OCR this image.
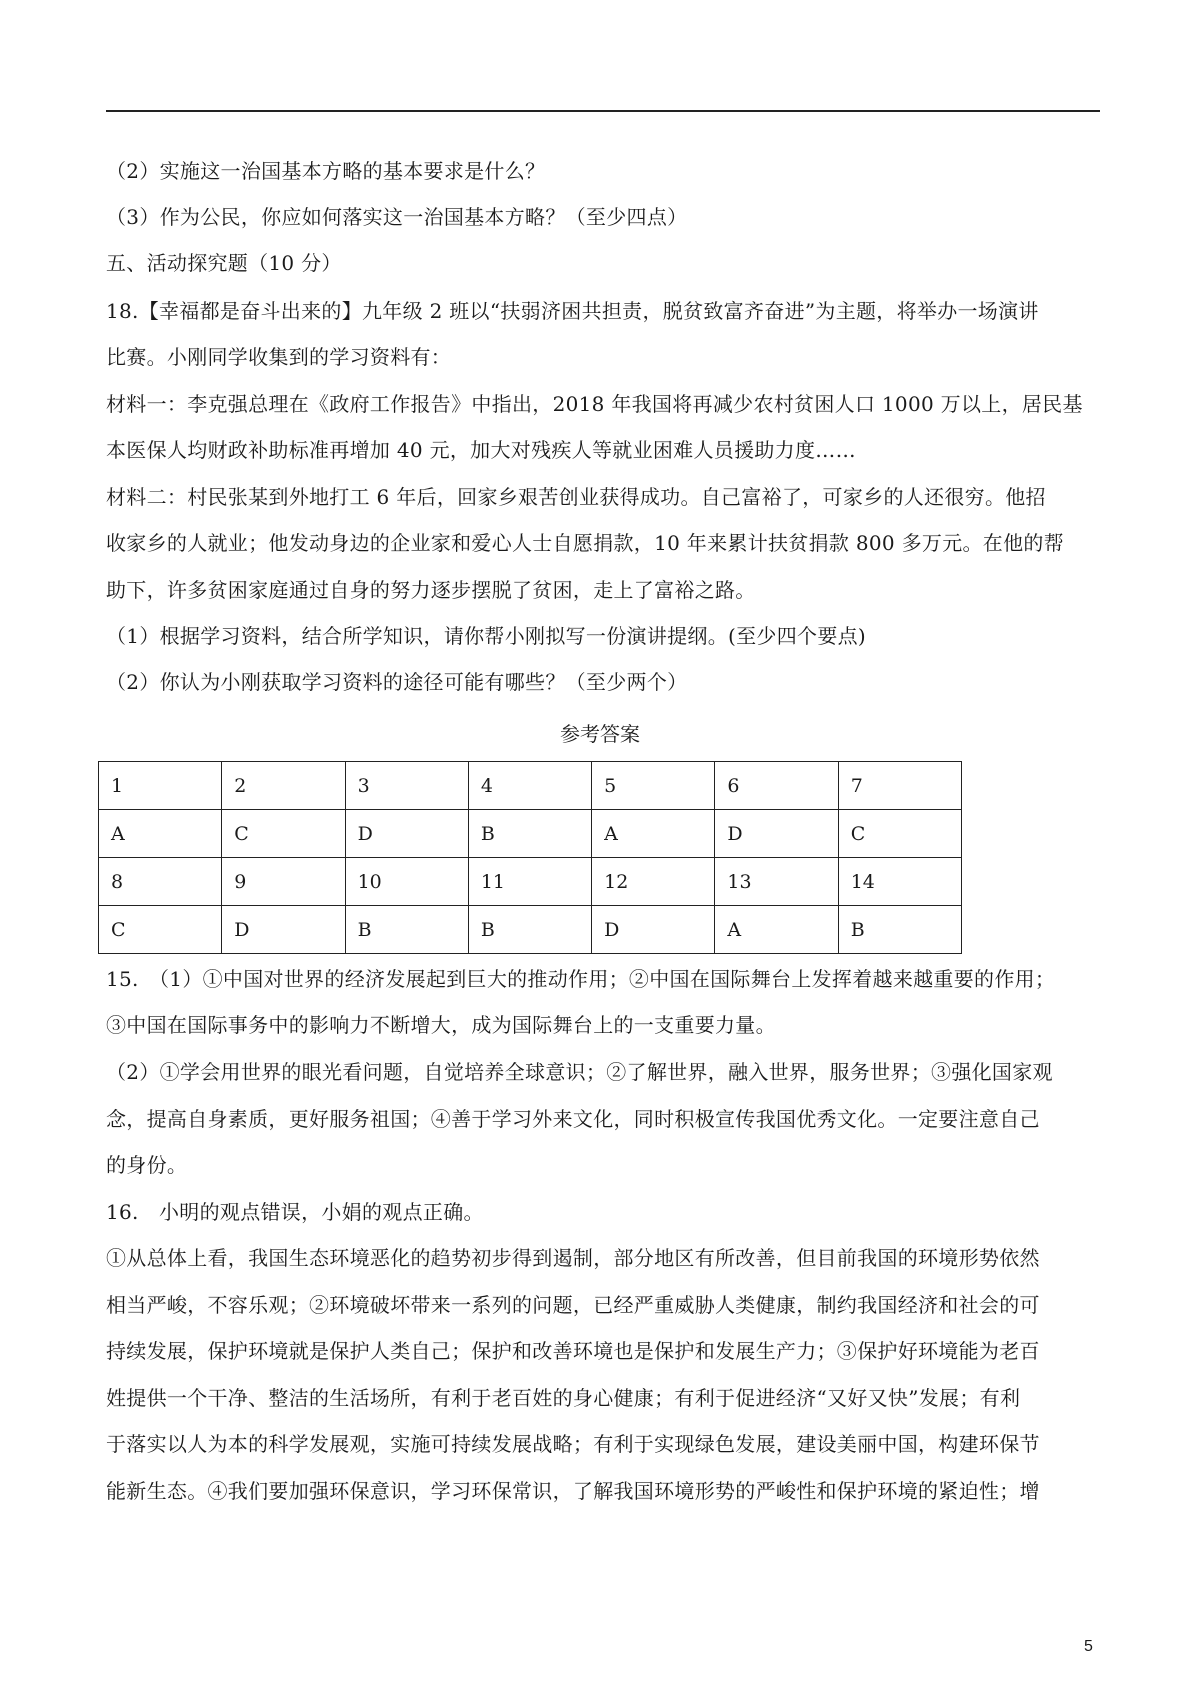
（2）实施这一治国基本方略的基本要求是什么？
（3）作为公民，你应如何落实这一治国基本方略？（至少四点）
五、活动探究题（10 分）
18.【幸福都是奋斗出来的】九年级 2 班以“扶弱济困共担责，脱贫致富齐奋进”为主题，将举办一场演讲
比赛。小刚同学收集到的学习资料有：
材料一：李克强总理在《政府工作报告》中指出，2018 年我国将再减少农村贫困人口 1000 万以上，居民基
本医保人均财政补助标准再增加 40 元，加大对残疾人等就业困难人员援助力度……
材料二：村民张某到外地打工 6 年后，回家乡艰苦创业获得成功。自己富裕了，可家乡的人还很穷。他招
收家乡的人就业；他发动身边的企业家和爱心人士自愿捐款，10 年来累计扶贫捐款 800 多万元。在他的帮
助下，许多贫困家庭通过自身的努力逐步摆脱了贫困，走上了富裕之路。
（1）根据学习资料，结合所学知识，请你帮小刚拟写一份演讲提纲。(至少四个要点)
（2）你认为小刚获取学习资料的途径可能有哪些？（至少两个）
参考答案
1	2	3	4	5	6	7
A	C	D	B	A	D	C
8	9	10	11	12	13	14
C	D	B	B	D	A	B
15.　（1）①中国对世界的经济发展起到巨大的推动作用；②中国在国际舞台上发挥着越来越重要的作用；
③中国在国际事务中的影响力不断增大，成为国际舞台上的一支重要力量。
（2）①学会用世界的眼光看问题，自觉培养全球意识；②了解世界，融入世界，服务世界；③强化国家观
念，提高自身素质，更好服务祖国；④善于学习外来文化，同时积极宣传我国优秀文化。一定要注意自己
的身份。
16.　小明的观点错误，小娟的观点正确。
①从总体上看，我国生态环境恶化的趋势初步得到遏制，部分地区有所改善，但目前我国的环境形势依然
相当严峻，不容乐观；②环境破坏带来一系列的问题，已经严重威胁人类健康，制约我国经济和社会的可
持续发展，保护环境就是保护人类自己；保护和改善环境也是保护和发展生产力；③保护好环境能为老百
姓提供一个干净、整洁的生活场所，有利于老百姓的身心健康；有利于促进经济“又好又快”发展；有利
于落实以人为本的科学发展观，实施可持续发展战略；有利于实现绿色发展，建设美丽中国，构建环保节
能新生态。④我们要加强环保意识，学习环保常识，了解我国环境形势的严峻性和保护环境的紧迫性；增
5
